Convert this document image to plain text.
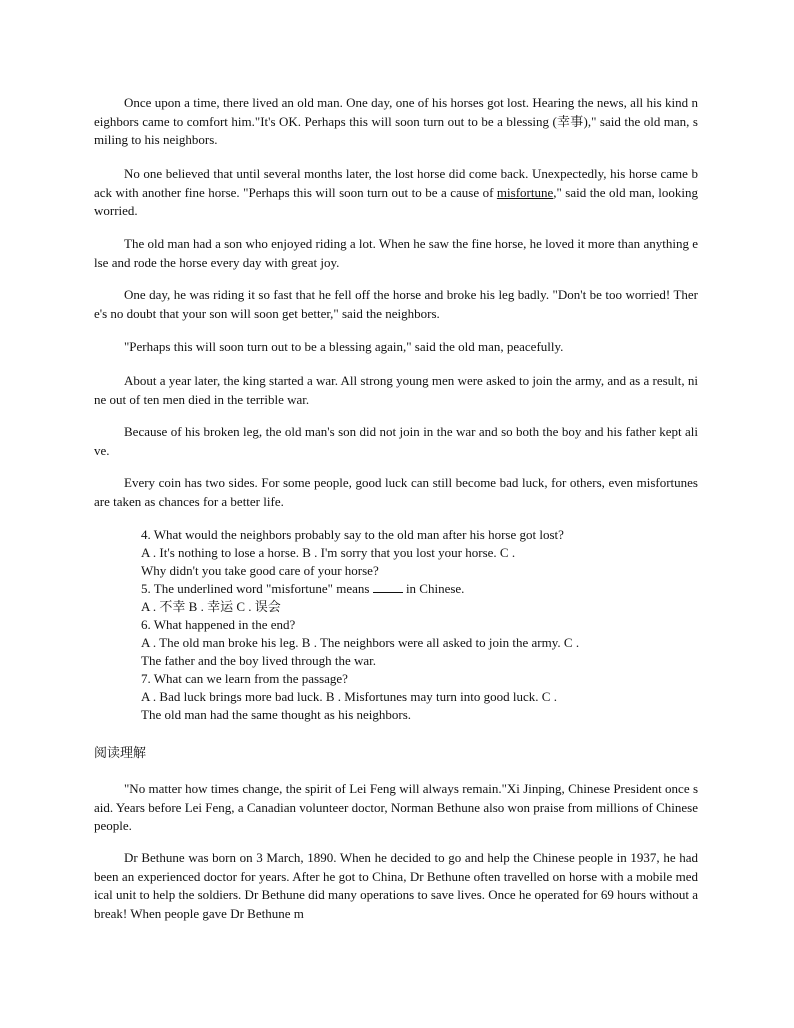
Once upon a time, there lived an old man. One day, one of his horses got lost. Hearing the news, all his kind neighbors came to comfort him."It's OK. Perhaps this will soon turn out to be a blessing (幸事)," said the old man, smiling to his neighbors.

No one believed that until several months later, the lost horse did come back. Unexpectedly, his horse came back with another fine horse. "Perhaps this will soon turn out to be a cause of misfortune," said the old man, looking worried.

The old man had a son who enjoyed riding a lot. When he saw the fine horse, he loved it more than anything else and rode the horse every day with great joy.

One day, he was riding it so fast that he fell off the horse and broke his leg badly. "Don't be too worried! There's no doubt that your son will soon get better," said the neighbors.

"Perhaps this will soon turn out to be a blessing again," said the old man, peacefully.

About a year later, the king started a war. All strong young men were asked to join the army, and as a result, nine out of ten men died in the terrible war.

Because of his broken leg, the old man's son did not join in the war and so both the boy and his father kept alive.

Every coin has two sides. For some people, good luck can still become bad luck, for others, even misfortunes are taken as chances for a better life.

4. What would the neighbors probably say to the old man after his horse got lost?
A . It's nothing to lose a horse. B . I'm sorry that you lost your horse. C .
Why didn't you take good care of your horse?
5. The underlined word "misfortune" means  in Chinese.
A . 不幸 B . 幸运 C . 误会
6. What happened in the end?
A . The old man broke his leg. B . The neighbors were all asked to join the army. C .
The father and the boy lived through the war.
7. What can we learn from the passage?
A . Bad luck brings more bad luck. B . Misfortunes may turn into good luck. C .
The old man had the same thought as his neighbors.
阅读理解

"No matter how times change, the spirit of Lei Feng will always remain."Xi Jinping, Chinese President once said. Years before Lei Feng, a Canadian volunteer doctor, Norman Bethune also won praise from millions of Chinese people.

Dr Bethune was born on 3 March, 1890. When he decided to go and help the Chinese people in 1937, he had been an experienced doctor for years. After he got to China, Dr Bethune often travelled on horse with a mobile medical unit to help the soldiers. Dr Bethune did many operations to save lives. Once he operated for 69 hours without a break! When people gave Dr Bethune m
